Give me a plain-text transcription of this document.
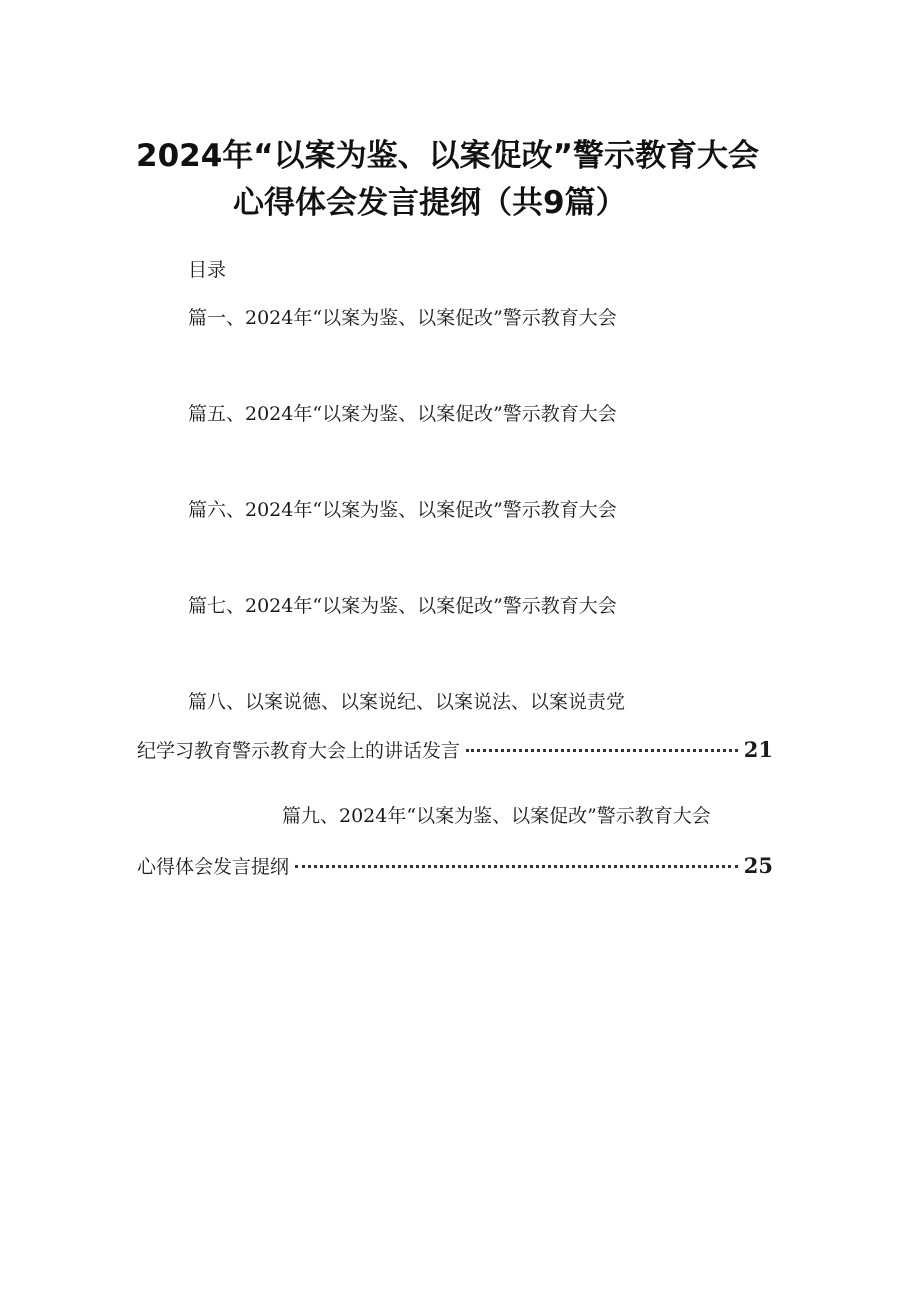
2024年“以案为鉴、以案促改”警示教育大会
心得体会发言提纲（共9篇）
目录
篇一、2024年“以案为鉴、以案促改”警示教育大会
篇五、2024年“以案为鉴、以案促改”警示教育大会
篇六、2024年“以案为鉴、以案促改”警示教育大会
篇七、2024年“以案为鉴、以案促改”警示教育大会
篇八、以案说德、以案说纪、以案说法、以案说责党
纪学习教育警示教育大会上的讲话发言	21
篇九、2024年“以案为鉴、以案促改”警示教育大会
心得体会发言提纲	25
